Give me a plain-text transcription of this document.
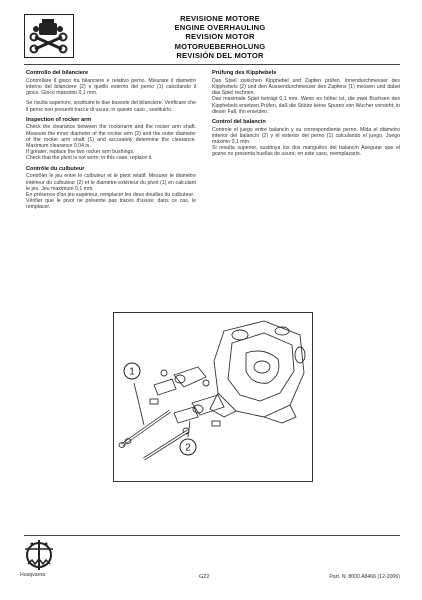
REVISIONE MOTORE
ENGINE OVERHAULING
REVISION MOTOR
MOTORUEBERHOLUNG
REVISIÓN DEL MOTOR
Controllo del bilanciere

Controllare il gioco tra bilanciere e relativo perno. Misurare il diametro interno del bilanciere (2) e quello esterno del perno (1) calcolando il gioco. Gioco massimo 0,1 mm.

Se risulta superiore, sostituire le due bussole del bilanciere. Verificare che il perno non presenti tracce di usura; in questo caso , sostituirlo.

Inspection of rocker arm

Check the clearance between the rockerarm and the rocker arm shaft. Measure the inner diameter of the rocker arm (2) and the outer diameter of the rocker arm shaft (1) and accurately determine the clearance. Maximum clearance 0.04 in.

If greater, replace the two rocker arm bushings.

Check that the pivot is not worn; in this case, replace it.

Contrôle du culbuteur

Contrôler le jeu entre le culbuteur et le pivot relatif. Mesurer le diamètre intérieur du culbuteur (2) et le diamètre extérieur du pivot (1) en calculant le jeu. Jeu maximum 0,1 mm.

En présence d'un jeu supérieur, remplacer les deux douilles du culbuteur.

Vérifier que le pivot ne présente pas traces d'usure; dans ce cas, le remplacer.

Prüfung des Kipphebels

Das Spiel zwischen Kipphebel und Zapfen prüfen. Innendurchmesser des Kipphebels (2) und den Aussendurchmesser des Zapfens (1) messen und dabei das Spiel rechnen.

Das maximale Spiel beträgt 0,1 mm. Wenn es höher ist, die zwei Buchsen des Kipphebels ersetzen.Prüfen, daß die Stütze keine Spuren von Wucher vorsieht; in dieser Fall, ihn ersetzen.

Control del balancín

Controle el juego entre balancín y su correspondiente perno. Mida el diámetro interior del balancín (2) y el exterior del perno (1) calculando el juego. Juego máximo 0,1 mm.

Si resulta superior, sustituya los dos manguitos del balancín Asegurar que el gozne no presenta huellas de usura; en este caso, reemplazarlo.

1
2
Husqvarna	G22	Part. N. 8000 A8466 (12-2006)
